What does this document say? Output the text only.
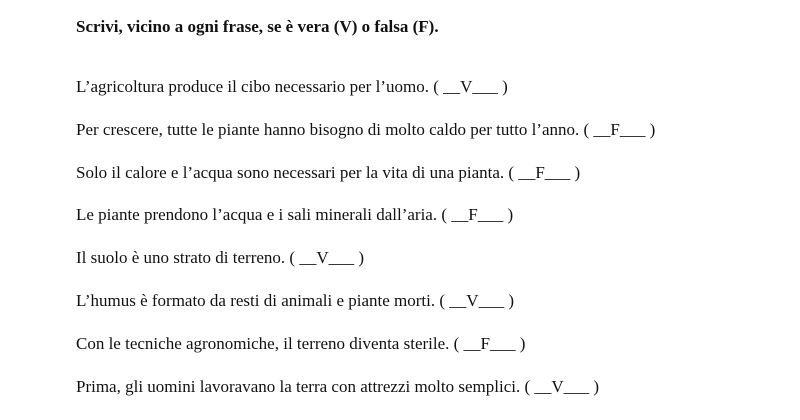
Scrivi, vicino a ogni frase, se è vera (V) o falsa (F).
L’agricoltura produce il cibo necessario per l’uomo. ( __V___ )
Per crescere, tutte le piante hanno bisogno di molto caldo per tutto l’anno. ( __F___ )
Solo il calore e l’acqua sono necessari per la vita di una pianta. ( __F___ )
Le piante prendono l’acqua e i sali minerali dall’aria. ( __F___ )
Il suolo è uno strato di terreno. ( __V___ )
L’humus è formato da resti di animali e piante morti. ( __V___ )
Con le tecniche agronomiche, il terreno diventa sterile. ( __F___ )
Prima, gli uomini lavoravano la terra con attrezzi molto semplici. ( __V___ )
